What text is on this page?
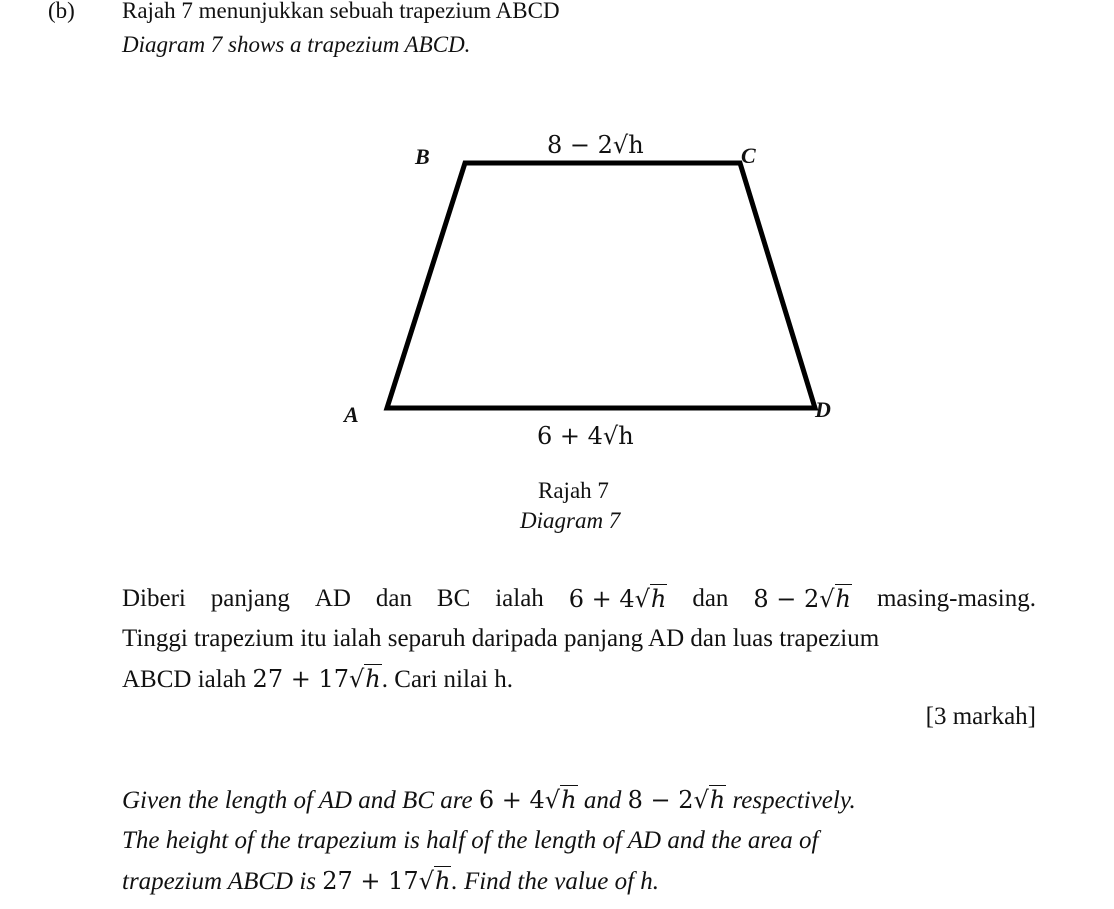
(b) Rajah 7 menunjukkan sebuah trapezium ABCD
Diagram 7 shows a trapezium ABCD.
B	C
A	D
8 − 2√h
6 + 4√h
Rajah 7
Diagram 7
Diberi panjang AD dan BC ialah 6 + 4√h dan 8 − 2√h masing-masing.
Tinggi trapezium itu ialah separuh daripada panjang AD dan luas trapezium
ABCD ialah 27 + 17√h. Cari nilai h.
[3 markah]
Given the length of AD and BC are 6 + 4√h and 8 − 2√h respectively.
The height of the trapezium is half of the length of AD and the area of
trapezium ABCD is 27 + 17√h. Find the value of h.
